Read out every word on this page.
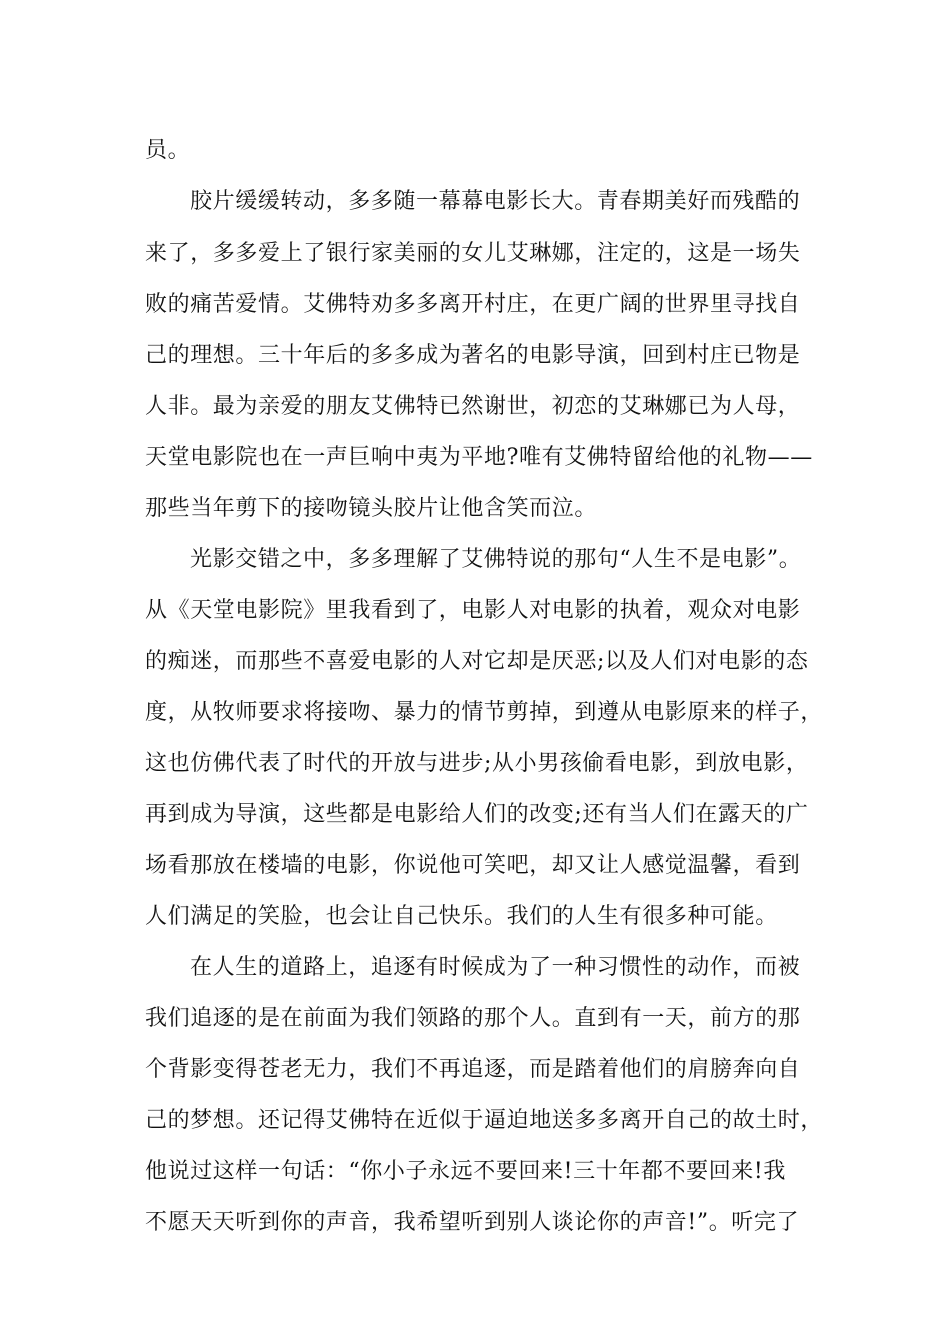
员。
胶片缓缓转动，多多随一幕幕电影长大。青春期美好而残酷的
来了，多多爱上了银行家美丽的女儿艾琳娜，注定的，这是一场失
败的痛苦爱情。艾佛特劝多多离开村庄，在更广阔的世界里寻找自
己的理想。三十年后的多多成为著名的电影导演，回到村庄已物是
人非。最为亲爱的朋友艾佛特已然谢世，初恋的艾琳娜已为人母，
天堂电影院也在一声巨响中夷为平地?唯有艾佛特留给他的礼物——
那些当年剪下的接吻镜头胶片让他含笑而泣。
光影交错之中，多多理解了艾佛特说的那句“人生不是电影”。
从《天堂电影院》里我看到了，电影人对电影的执着，观众对电影
的痴迷，而那些不喜爱电影的人对它却是厌恶;以及人们对电影的态
度，从牧师要求将接吻、暴力的情节剪掉，到遵从电影原来的样子，
这也仿佛代表了时代的开放与进步;从小男孩偷看电影，到放电影，
再到成为导演，这些都是电影给人们的改变;还有当人们在露天的广
场看那放在楼墙的电影，你说他可笑吧，却又让人感觉温馨，看到
人们满足的笑脸，也会让自己快乐。我们的人生有很多种可能。
在人生的道路上，追逐有时候成为了一种习惯性的动作，而被
我们追逐的是在前面为我们领路的那个人。直到有一天，前方的那
个背影变得苍老无力，我们不再追逐，而是踏着他们的肩膀奔向自
己的梦想。还记得艾佛特在近似于逼迫地送多多离开自己的故土时，
他说过这样一句话：“你小子永远不要回来!三十年都不要回来!我
不愿天天听到你的声音，我希望听到别人谈论你的声音!”。听完了
